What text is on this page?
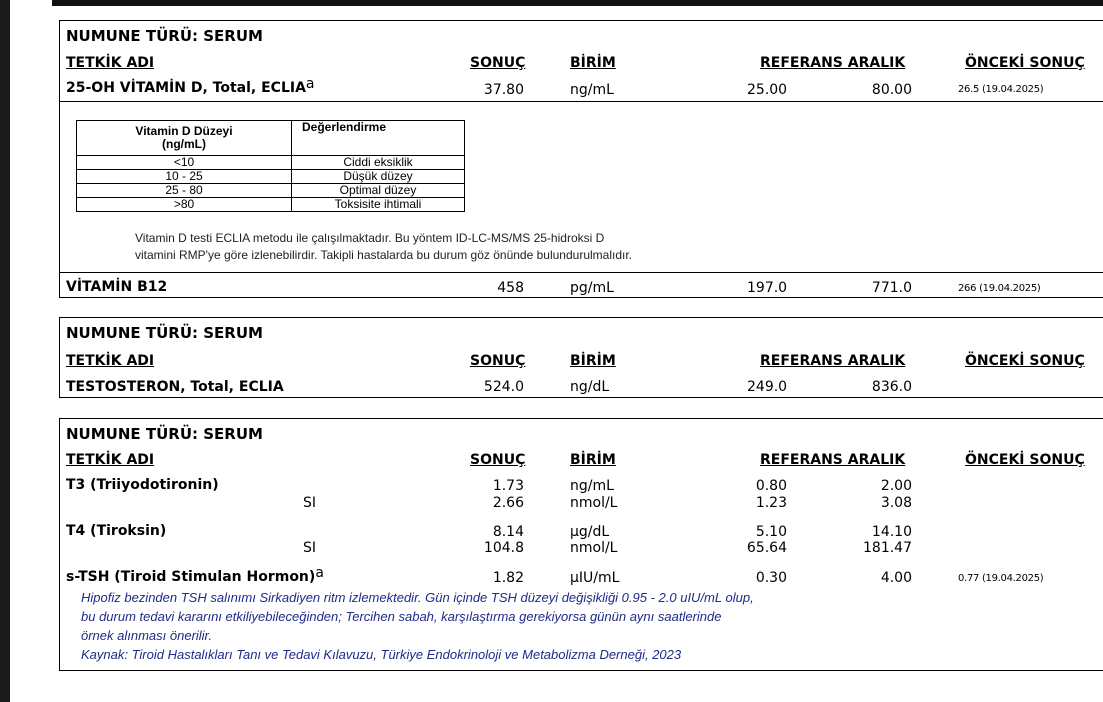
NUMUNE TÜRÜ: SERUM
TETKİK ADI	SONUÇ	BİRİM	REFERANS ARALIK	ÖNCEKİ SONUÇ
25-OH VİTAMİN D, Total, ECLIAa	37.80	ng/mL	25.00	80.00	26.5 (19.04.2025)
Vitamin D Düzeyi
(ng/mL)	Değerlendirme
<10	Ciddi eksiklik
10 - 25	Düşük düzey
25 - 80	Optimal düzey
>80	Toksisite ihtimali
Vitamin D testi ECLIA metodu ile çalışılmaktadır. Bu yöntem ID-LC-MS/MS 25-hidroksi D
vitamini RMP'ye göre izlenebilirdir. Takipli hastalarda bu durum göz önünde bulundurulmalıdır.
VİTAMİN B12	458	pg/mL	197.0	771.0	266 (19.04.2025)
NUMUNE TÜRÜ: SERUM
TETKİK ADI	SONUÇ	BİRİM	REFERANS ARALIK	ÖNCEKİ SONUÇ
TESTOSTERON, Total, ECLIA	524.0	ng/dL	249.0	836.0
NUMUNE TÜRÜ: SERUM
TETKİK ADI	SONUÇ	BİRİM	REFERANS ARALIK	ÖNCEKİ SONUÇ
T3 (Triiyodotironin)	1.73	ng/mL	0.80	2.00
SI	2.66	nmol/L	1.23	3.08
T4 (Tiroksin)	8.14	µg/dL	5.10	14.10
SI	104.8	nmol/L	65.64	181.47
s-TSH (Tiroid Stimulan Hormon)a	1.82	µIU/mL	0.30	4.00	0.77 (19.04.2025)
Hipofiz bezinden TSH salınımı Sirkadiyen ritm izlemektedir. Gün içinde TSH düzeyi değişikliği 0.95 - 2.0 uIU/mL olup,
bu durum tedavi kararını etkiliyebileceğinden; Tercihen sabah, karşılaştırma gerekiyorsa günün aynı saatlerinde
örnek alınması önerilir.
Kaynak: Tiroid Hastalıkları Tanı ve Tedavi Kılavuzu, Türkiye Endokrinoloji ve Metabolizma Derneği, 2023
